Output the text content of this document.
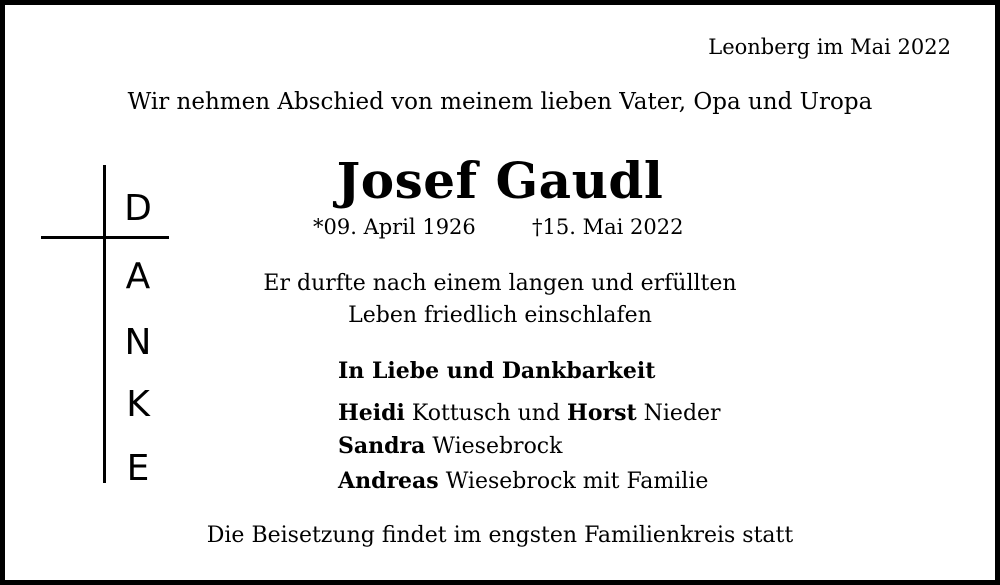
Leonberg im Mai 2022
Wir nehmen Abschied von meinem lieben Vater, Opa und Uropa
Josef Gaudl
*09. April 1926	†15. Mai 2022
Er durfte nach einem langen und erfüllten
Leben friedlich einschlafen
In Liebe und Dankbarkeit
Heidi Kottusch und Horst Nieder
Sandra Wiesebrock
Andreas Wiesebrock mit Familie
Die Beisetzung findet im engsten Familienkreis statt
D
A
N
K
E
